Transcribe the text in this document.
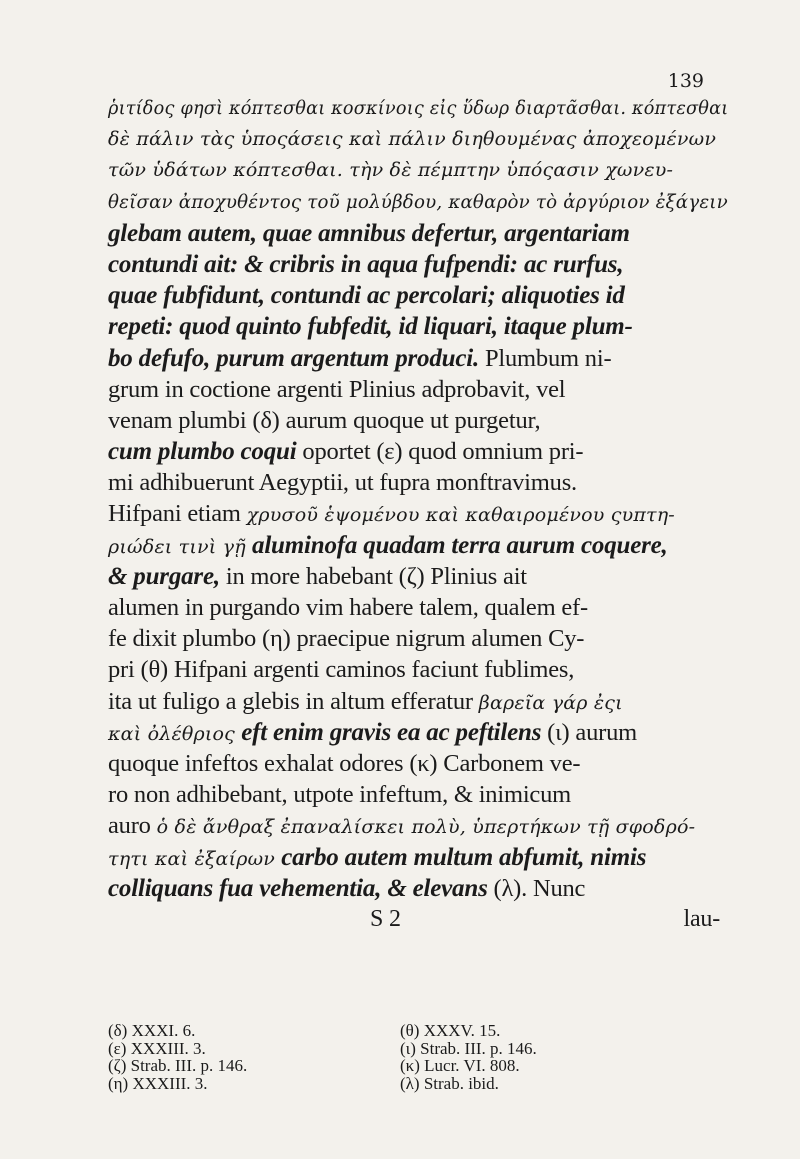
139
ῥιτίδος φησὶ κόπτεσθαι κοσκίνοις εἰς ὕδωρ διαρτᾶσθαι. κόπτεσθαι
δὲ πάλιν τὰς ὑποςάσεις καὶ πάλιν διηθουμένας ἀποχεομένων
τῶν ὑδάτων κόπτεσθαι. τὴν δὲ πέμπτην ὑπόςασιν χωνευ-
θεῖσαν ἀποχυθέντος τοῦ μολύβδου, καθαρὸν τὸ ἀργύριον ἐξάγειν
glebam autem, quae amnibus defertur, argentariam
contundi ait: & cribris in aqua fufpendi: ac rurfus,
quae fubfidunt, contundi ac percolari; aliquoties id
repeti: quod quinto fubfedit, id liquari, itaque plum-
bo defufo, purum argentum produci. Plumbum ni-
grum in coctione argenti Plinius adprobavit, vel
venam plumbi (δ) aurum quoque ut purgetur,
cum plumbo coqui oportet (ε) quod omnium pri-
mi adhibuerunt Aegyptii, ut fupra monftravimus.
Hifpani etiam χρυσοῦ ἑψομένου καὶ καθαιρομένου ςυπτη-
ριώδει τινὶ γῇ aluminofa quadam terra aurum coquere,
& purgare, in more habebant (ζ) Plinius ait
alumen in purgando vim habere talem, qualem ef-
fe dixit plumbo (η) praecipue nigrum alumen Cy-
pri (θ) Hifpani argenti caminos faciunt fublimes,
ita ut fuligo a glebis in altum efferatur βαρεῖα γάρ ἐςι
καὶ ὀλέθριος eft enim gravis ea ac peftilens (ι) aurum
quoque infeftos exhalat odores (κ) Carbonem ve-
ro non adhibebant, utpote infeftum, & inimicum
auro ὁ δὲ ἄνθραξ ἐπαναλίσκει πολὺ, ὑπερτήκων τῇ σφοδρό-
τητι καὶ ἐξαίρων carbo autem multum abfumit, nimis
colliquans fua vehementia, & elevans (λ). Nunc
S 2	lau-
(δ) XXXI. 6.
(ε) XXXIII. 3.
(ζ) Strab. III. p. 146.
(η) XXXIII. 3.
(θ) XXXV. 15.
(ι) Strab. III. p. 146.
(κ) Lucr. VI. 808.
(λ) Strab. ibid.
